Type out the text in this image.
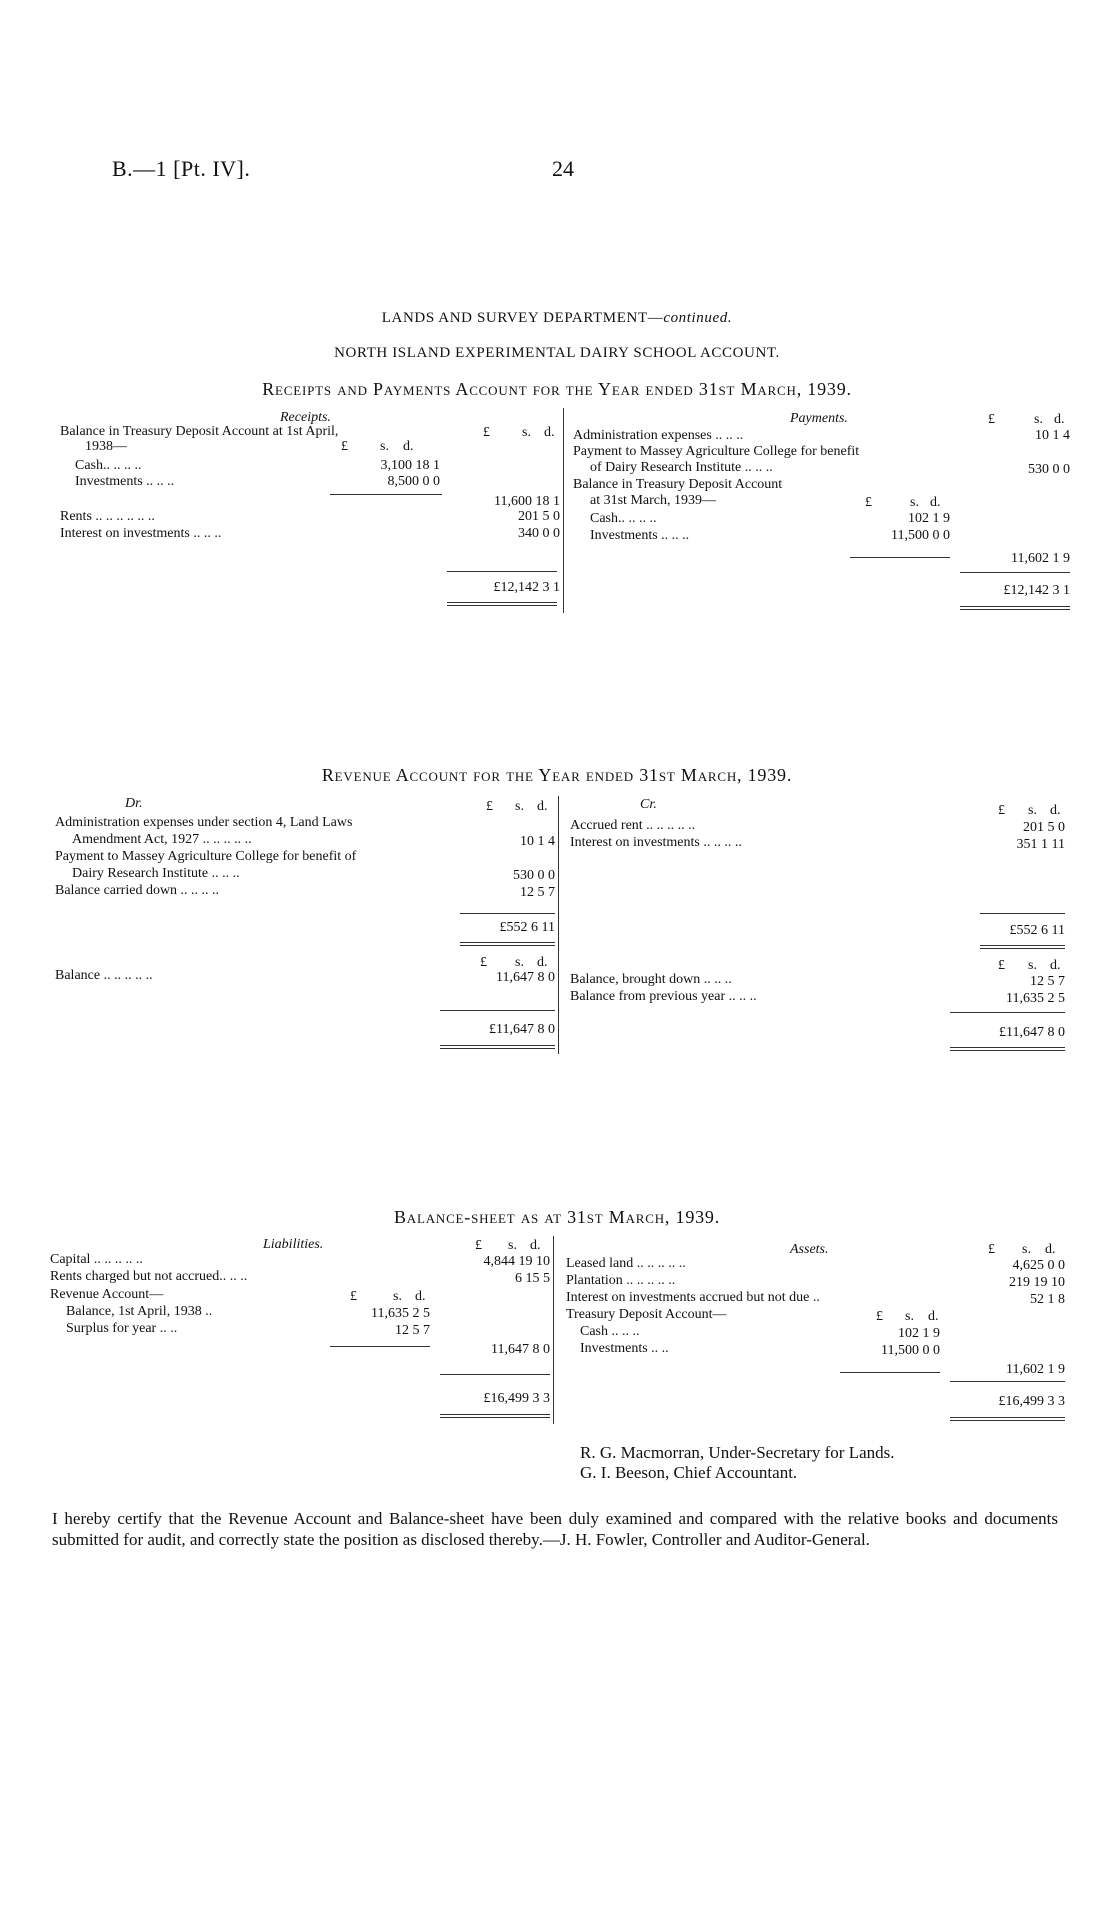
B.—1 [Pt. IV].	24
LANDS AND SURVEY DEPARTMENT—continued.
NORTH ISLAND EXPERIMENTAL DAIRY SCHOOL ACCOUNT.
Receipts and Payments Account for the Year ended 31st March, 1939.
Receipts.	Payments.
£ s. d.
£	s. d.
Balance in Treasury Deposit Account at 1st April,
1938—	£ s. d.
Cash.. .. .. ..	3,100 18 1
Investments .. .. ..	8,500 0 0
11,600 18 1
Rents .. .. .. .. .. ..	201 5 0
Interest on investments .. .. ..	340 0 0
£12,142 3 1
Administration expenses .. .. ..	10 1 4
Payment to Massey Agriculture College for benefit
of Dairy Research Institute .. .. ..	530 0 0
Balance in Treasury Deposit Account
at 31st March, 1939—	£	s. d.
Cash.. .. .. ..	102 1 9
Investments .. .. ..	11,500 0 0
11,602 1 9
£12,142 3 1
Revenue Account for the Year ended 31st March, 1939.
Dr.	Cr.
£ s. d.	£ s. d.
Administration expenses under section 4, Land Laws
Amendment Act, 1927 .. .. .. .. ..	10 1 4
Payment to Massey Agriculture College for benefit of
Dairy Research Institute .. .. ..	530 0 0
Balance carried down .. .. .. ..	12 5 7
£552 6 11
£ s. d.
Balance .. .. .. .. ..	11,647 8 0
£11,647 8 0
Accrued rent .. .. .. .. ..	201 5 0
Interest on investments .. .. .. ..	351 1 11
£552 6 11
£ s. d.
Balance, brought down .. .. ..	12 5 7
Balance from previous year .. .. ..	11,635 2 5
£11,647 8 0
Balance-sheet as at 31st March, 1939.
Liabilities.	Assets.
£ s. d.	£ s. d.
Capital .. .. .. .. ..	4,844 19 10
Rents charged but not accrued.. .. ..	6 15 5
Revenue Account—	£	s. d.
Balance, 1st April, 1938 ..	11,635 2 5
Surplus for year .. ..	12 5 7
11,647 8 0
£16,499 3 3
Leased land .. .. .. .. ..	4,625 0 0
Plantation .. .. .. .. ..	219 19 10
Interest on investments accrued but not due ..	52 1 8
Treasury Deposit Account—	£ s. d.
Cash .. .. ..	102 1 9
Investments .. ..	11,500 0 0
11,602 1 9
£16,499 3 3
R. G. Macmorran, Under-Secretary for Lands.
G. I. Beeson, Chief Accountant.
I hereby certify that the Revenue Account and Balance-sheet have been duly examined and compared with the relative books and documents submitted for audit, and correctly state the position as disclosed thereby.—J. H. Fowler, Controller and Auditor-General.
